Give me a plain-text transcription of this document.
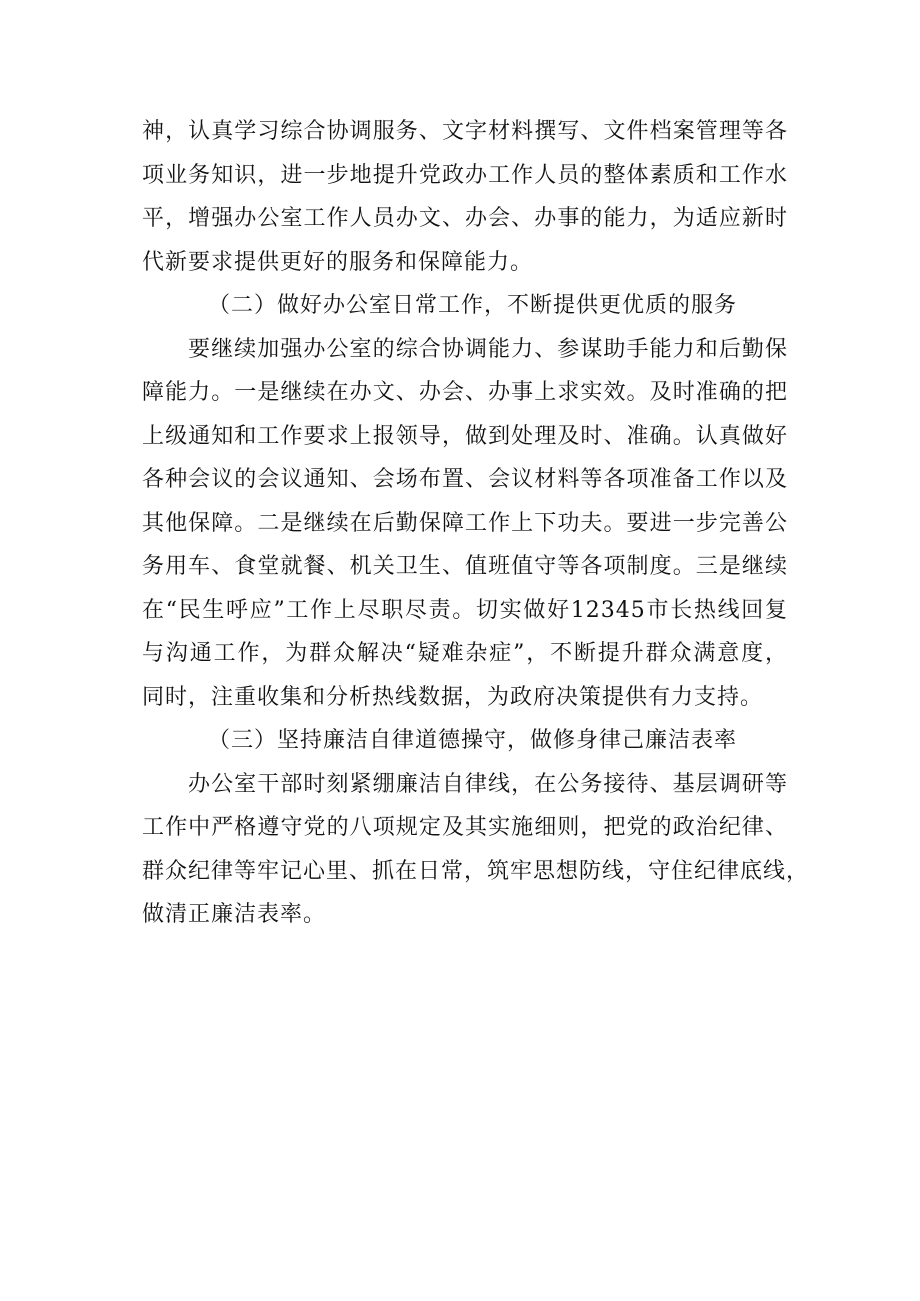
神，认真学习综合协调服务、文字材料撰写、文件档案管理等各
项业务知识，进一步地提升党政办工作人员的整体素质和工作水
平，增强办公室工作人员办文、办会、办事的能力，为适应新时
代新要求提供更好的服务和保障能力。
（二）做好办公室日常工作，不断提供更优质的服务
要继续加强办公室的综合协调能力、参谋助手能力和后勤保
障能力。一是继续在办文、办会、办事上求实效。及时准确的把
上级通知和工作要求上报领导，做到处理及时、准确。认真做好
各种会议的会议通知、会场布置、会议材料等各项准备工作以及
其他保障。二是继续在后勤保障工作上下功夫。要进一步完善公
务用车、食堂就餐、机关卫生、值班值守等各项制度。三是继续
在“民生呼应”工作上尽职尽责。切实做好12345市长热线回复
与沟通工作，为群众解决“疑难杂症”，不断提升群众满意度，
同时，注重收集和分析热线数据，为政府决策提供有力支持。
（三）坚持廉洁自律道德操守，做修身律己廉洁表率
办公室干部时刻紧绷廉洁自律线，在公务接待、基层调研等
工作中严格遵守党的八项规定及其实施细则，把党的政治纪律、
群众纪律等牢记心里、抓在日常，筑牢思想防线，守住纪律底线，
做清正廉洁表率。
